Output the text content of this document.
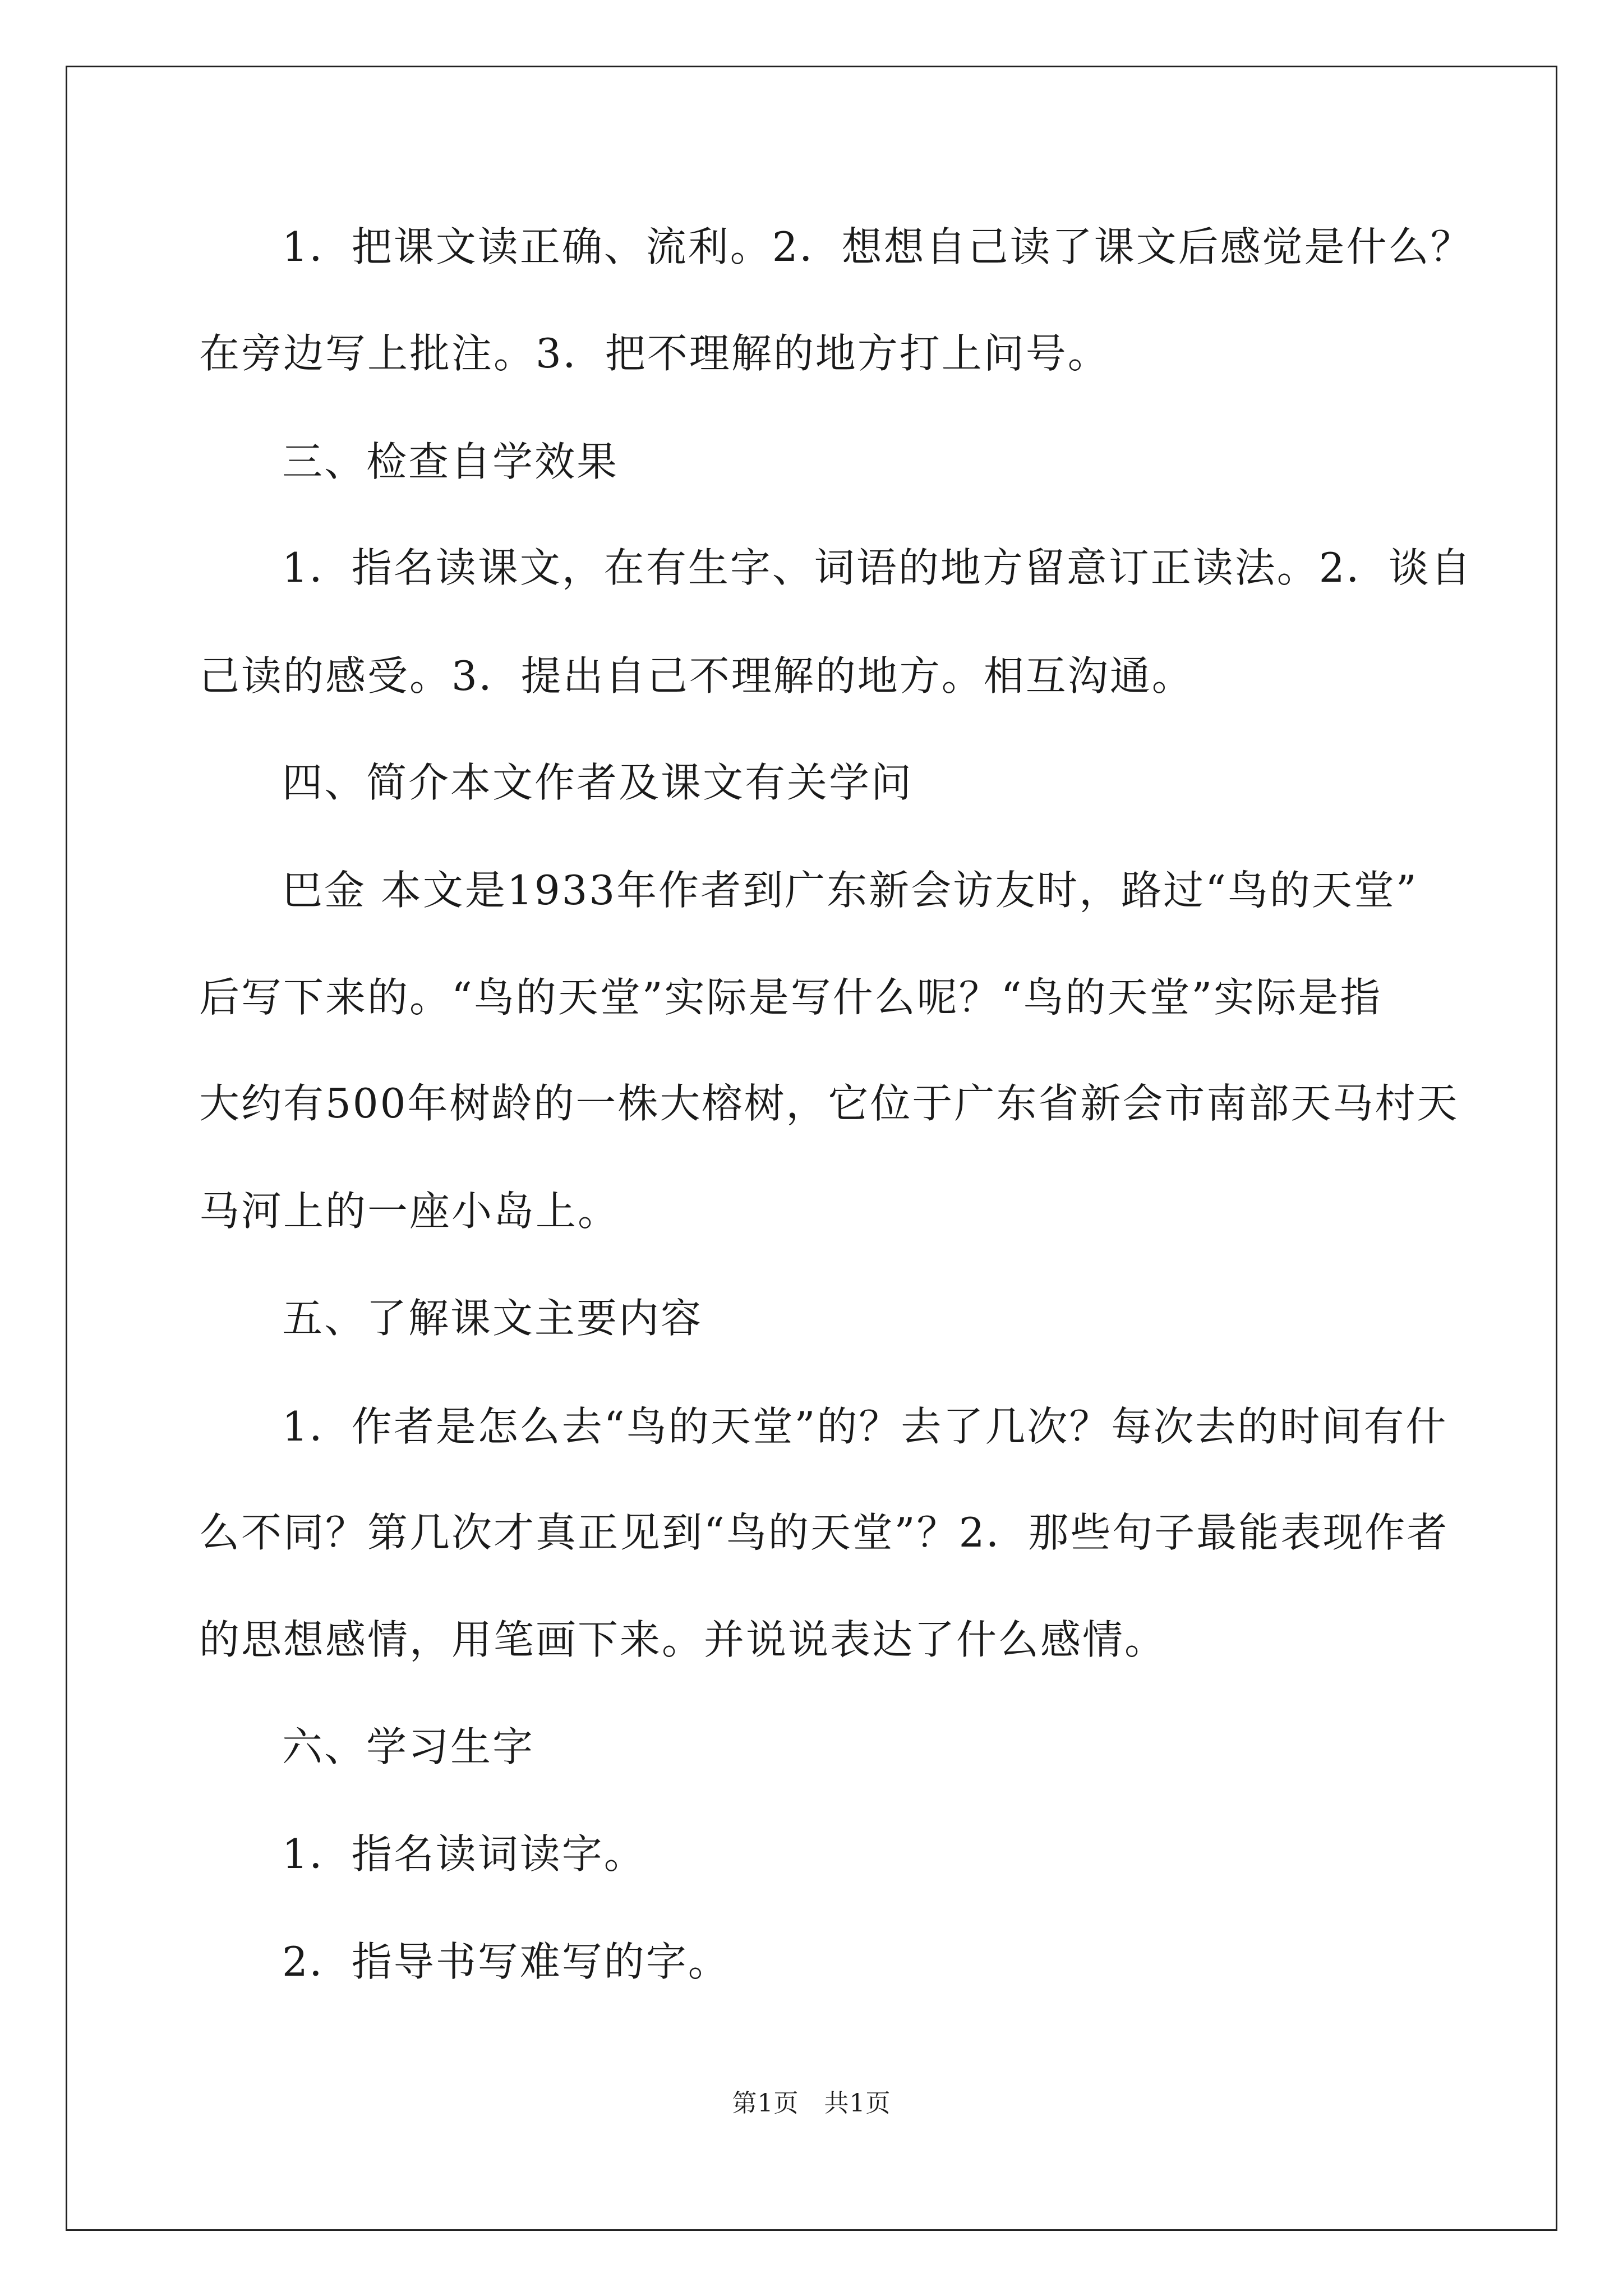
1．把课文读正确、流利。2．想想自己读了课文后感觉是什么？
在旁边写上批注。3．把不理解的地方打上问号。
三、检查自学效果
1．指名读课文，在有生字、词语的地方留意订正读法。2．谈自
己读的感受。3．提出自己不理解的地方。相互沟通。
四、简介本文作者及课文有关学问
巴金 本文是1933年作者到广东新会访友时，路过“鸟的天堂”
后写下来的。“鸟的天堂”实际是写什么呢？“鸟的天堂”实际是指
大约有500年树龄的一株大榕树，它位于广东省新会市南部天马村天
马河上的一座小岛上。
五、了解课文主要内容
1．作者是怎么去“鸟的天堂”的？去了几次？每次去的时间有什
么不同？第几次才真正见到“鸟的天堂”？2．那些句子最能表现作者
的思想感情，用笔画下来。并说说表达了什么感情。
六、学习生字
1．指名读词读字。
2．指导书写难写的字。
第1页　共1页
